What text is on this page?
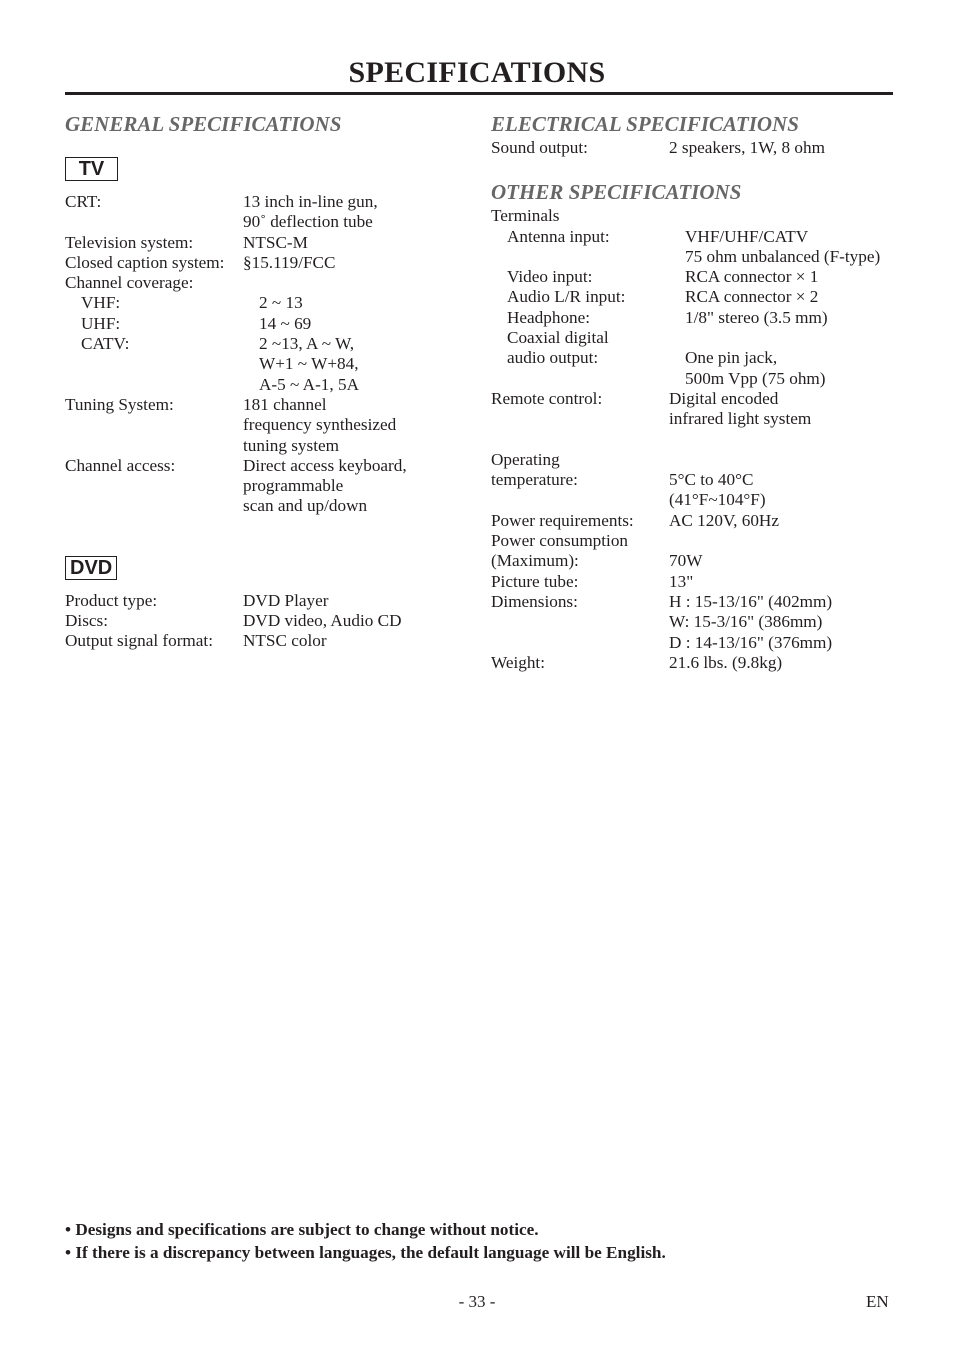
SPECIFICATIONS
GENERAL SPECIFICATIONS
TV
CRT:	13 inch in-line gun,
90˚ deflection tube
Television system:	NTSC-M
Closed caption system:	§15.119/FCC
Channel coverage:

VHF:	2 ~ 13
UHF:	14 ~ 69
CATV:	2 ~13, A ~ W,
W+1 ~ W+84,
A-5 ~ A-1, 5A
Tuning System:	181 channel
frequency synthesized
tuning system
Channel access:	Direct access keyboard,
programmable
scan and up/down
DVD
Product type:	DVD Player
Discs:	DVD video, Audio CD
Output signal format:	NTSC color
ELECTRICAL SPECIFICATIONS
Sound output:	2 speakers, 1W, 8 ohm
OTHER SPECIFICATIONS
Terminals

Antenna input:	VHF/UHF/CATV
75 ohm unbalanced (F-type)
Video input:	RCA connector × 1
Audio L/R input:	RCA connector × 2
Headphone:	1/8" stereo (3.5 mm)
Coaxial digital

audio output:	One pin jack,
500m Vpp (75 ohm)
Remote control:	Digital encoded
infrared light system

Operating

temperature:	5°C to 40°C
(41°F~104°F)
Power requirements:	AC 120V, 60Hz
Power consumption

(Maximum):	70W
Picture tube:	13"
Dimensions:	H : 15-13/16" (402mm)
W: 15-3/16" (386mm)
D : 14-13/16" (376mm)
Weight:	21.6 lbs. (9.8kg)
• Designs and specifications are subject to change without notice.
• If there is a discrepancy between languages, the default language will be English.
- 33 -	EN
